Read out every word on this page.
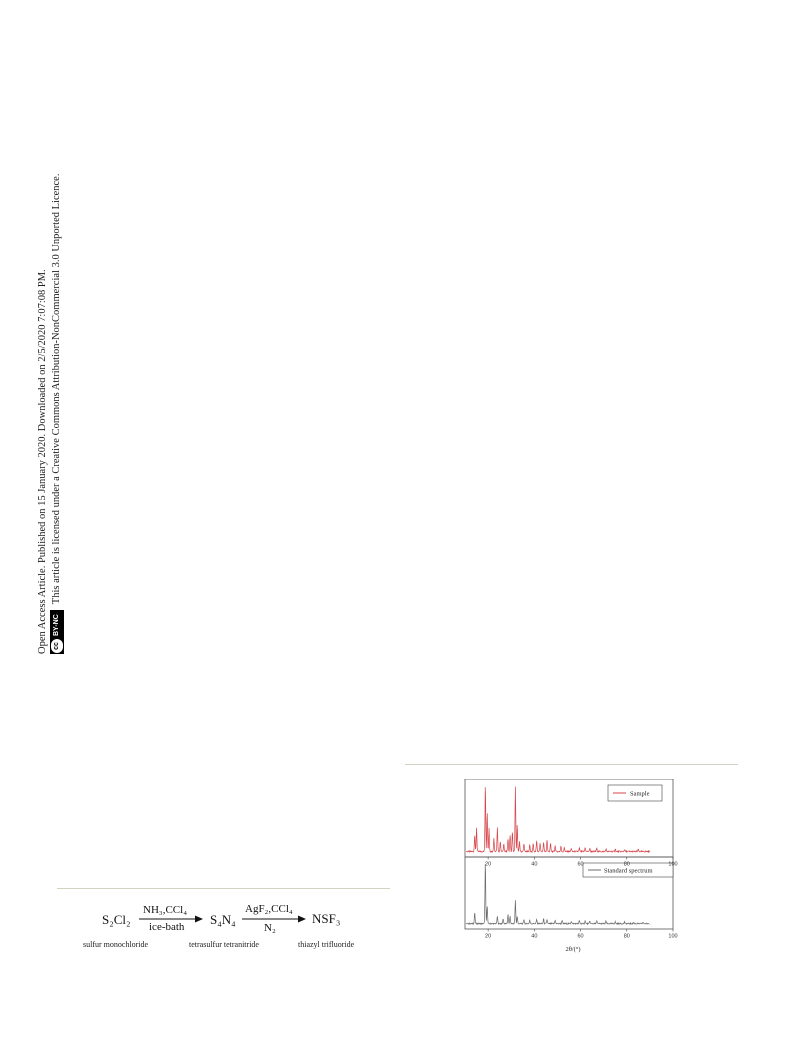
Open Access Article. Published on 15 January 2020. Downloaded on 2/5/2020 7:07:08 PM. cc
BY-NC
This article is licensed under a Creative Commons Attribution-NonCommercial 3.0 Unported Licence.
S₂Cl₂
sulfur monochloride
NH₃,CCl₄
ice-bath S₄N₄
tetrasulfur tetranitride
AgF₂,CCl₄
N₂
NSF₃
thiazyl trifluoride
Sample
Standard spectrum
20	40	60	80	100
20	40	60	80	100
2θ/(°)
